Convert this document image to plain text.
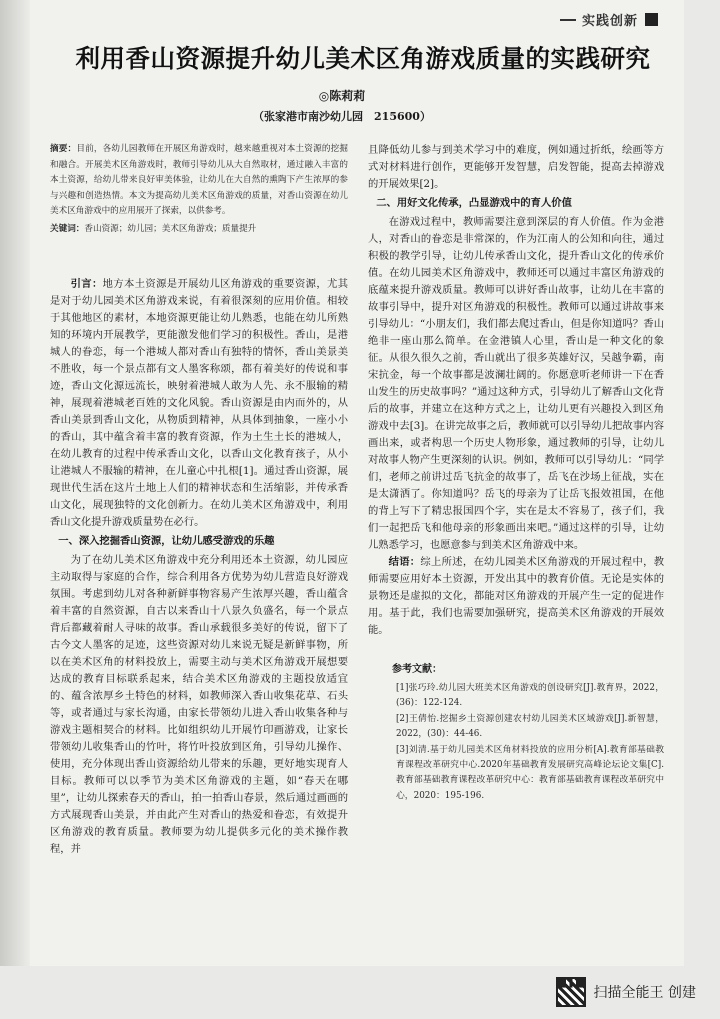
实践创新
利用香山资源提升幼儿美术区角游戏质量的实践研究
◎陈莉莉
（张家港市南沙幼儿园　215600）

摘要：目前，各幼儿园教师在开展区角游戏时，越来越重视对本土资源的挖掘和融合。开展美术区角游戏时，教师引导幼儿从大自然取材，通过融入丰富的本土资源，给幼儿带来良好审美体验，让幼儿在大自然的熏陶下产生浓厚的参与兴趣和创造热情。本文为提高幼儿美术区角游戏的质量，对香山资源在幼儿美术区角游戏中的应用展开了探索，以供参考。

关键词：香山资源；幼儿园；美术区角游戏；质量提升

引言：地方本土资源是开展幼儿区角游戏的重要资源，尤其是对于幼儿园美术区角游戏来说，有着很深刻的应用价值。相较于其他地区的素材，本地资源更能让幼儿熟悉，也能在幼儿所熟知的环境内开展教学，更能激发他们学习的积极性。香山，是港城人的眷恋，每一个港城人都对香山有独特的情怀，香山美景美不胜收，每一个景点都有文人墨客称颂，都有着美好的传说和事迹，香山文化源远流长，映射着港城人敢为人先、永不服输的精神，展现着港城老百姓的文化风貌。香山资源是由内而外的，从香山美景到香山文化，从物质到精神，从具体到抽象，一座小小的香山，其中蕴含着丰富的教育资源，作为土生土长的港城人，在幼儿教育的过程中传承香山文化，以香山文化教育孩子，从小让港城人不服输的精神，在儿童心中扎根[1]。通过香山资源，展现世代生活在这片土地上人们的精神状态和生活缩影，并传承香山文化，展现独特的文化创新力。在幼儿美术区角游戏中，利用香山文化提升游戏质量势在必行。

一、深入挖掘香山资源，让幼儿感受游戏的乐趣

为了在幼儿美术区角游戏中充分利用还本土资源，幼儿园应主动取得与家庭的合作，综合利用各方优势为幼儿营造良好游戏氛围。考虑到幼儿对各种新鲜事物容易产生浓厚兴趣，香山蕴含着丰富的自然资源，自古以来香山十八景久负盛名，每一个景点背后都藏着耐人寻味的故事。香山承载很多美好的传说，留下了古今文人墨客的足迹，这些资源对幼儿来说无疑是新鲜事物，所以在美术区角的材料投放上，需要主动与美术区角游戏开展想要达成的教育目标联系起来，结合美术区角游戏的主题投放适宜的、蕴含浓厚乡土特色的材料，如教师深入香山收集花草、石头等，或者通过与家长沟通，由家长带领幼儿进入香山收集各种与游戏主题相契合的材料。比如组织幼儿开展竹印画游戏，让家长带领幼儿收集香山的竹叶，将竹叶投放到区角，引导幼儿操作、使用，充分体现出香山资源给幼儿带来的乐趣，更好地实现育人目标。教师可以以季节为美术区角游戏的主题，如“春天在哪里”，让幼儿探索春天的香山，拍一拍香山春景，然后通过画画的方式展现香山美景，并由此产生对香山的热爱和眷恋，有效提升区角游戏的教育质量。教师要为幼儿提供多元化的美术操作教程，并

且降低幼儿参与到美术学习中的难度，例如通过折纸，绘画等方式对材料进行创作，更能够开发智慧，启发智能，提高去掉游戏的开展效果[2]。

二、用好文化传承，凸显游戏中的育人价值

在游戏过程中，教师需要注意到深层的育人价值。作为金港人，对香山的眷恋是非常深的，作为江南人的公知和向往，通过积极的教学引导，让幼儿传承香山文化，提升香山文化的传承价值。在幼儿园美术区角游戏中，教师还可以通过丰富区角游戏的底蕴来提升游戏质量。教师可以讲好香山故事，让幼儿在丰富的故事引导中，提升对区角游戏的积极性。教师可以通过讲故事来引导幼儿：“小朋友们，我们都去爬过香山，但是你知道吗？香山绝非一座山那么简单。在金港镇人心里，香山是一种文化的象征。从很久很久之前，香山就出了很多英雄好汉，吴越争霸，南宋抗金，每一个故事都是波澜壮阔的。你愿意听老师讲一下在香山发生的历史故事吗？”通过这种方式，引导幼儿了解香山文化背后的故事，并建立在这种方式之上，让幼儿更有兴趣投入到区角游戏中去[3]。在讲完故事之后，教师就可以引导幼儿把故事内容画出来，或者构思一个历史人物形象，通过教师的引导，让幼儿对故事人物产生更深刻的认识。例如，教师可以引导幼儿：“同学们，老师之前讲过岳飞抗金的故事了，岳飞在沙场上征战，实在是太潇洒了。你知道吗？岳飞的母亲为了让岳飞报效祖国，在他的背上写下了精忠报国四个字，实在是太不容易了，孩子们，我们一起把岳飞和他母亲的形象画出来吧。”通过这样的引导，让幼儿熟悉学习，也愿意参与到美术区角游戏中来。

结语：综上所述，在幼儿园美术区角游戏的开展过程中，教师需要应用好本土资源，开发出其中的教育价值。无论是实体的景物还是虚拟的文化，都能对区角游戏的开展产生一定的促进作用。基于此，我们也需要加强研究，提高美术区角游戏的开展效能。

参考文献：
[1]张巧玲.幼儿园大班美术区角游戏的创设研究[J].教育界，2022，(36)：122-124.
[2]王倩怡.挖掘乡土资源创建农村幼儿园美术区域游戏[J].新智慧，2022，(30)：44-46.
[3]刘清.基于幼儿园美术区角材料投放的应用分析[A].教育部基础教育课程改革研究中心.2020年基础教育发展研究高峰论坛论文集[C].教育部基础教育课程改革研究中心：教育部基础教育课程改革研究中心，2020：195-196.
扫描全能王 创建
